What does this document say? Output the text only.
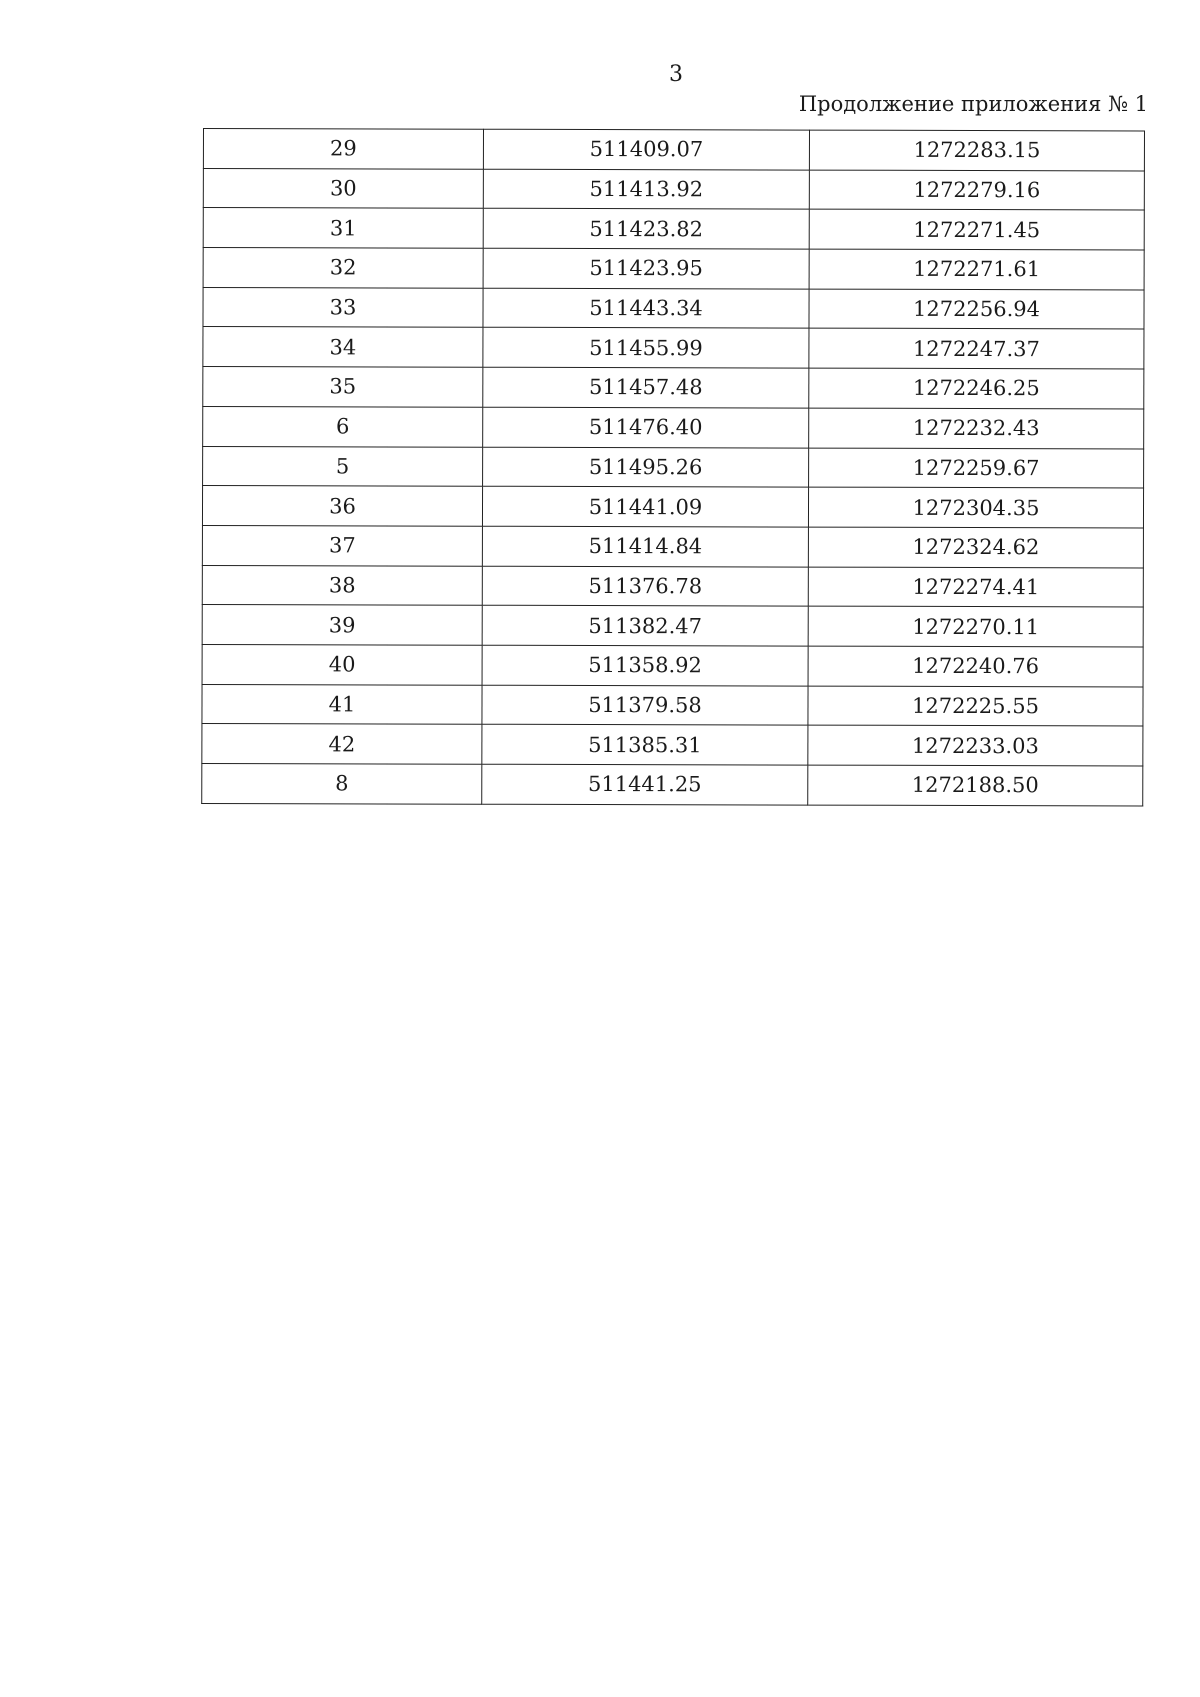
3
Продолжение приложения № 1
29	511409.07	1272283.15
30	511413.92	1272279.16
31	511423.82	1272271.45
32	511423.95	1272271.61
33	511443.34	1272256.94
34	511455.99	1272247.37
35	511457.48	1272246.25
6	511476.40	1272232.43
5	511495.26	1272259.67
36	511441.09	1272304.35
37	511414.84	1272324.62
38	511376.78	1272274.41
39	511382.47	1272270.11
40	511358.92	1272240.76
41	511379.58	1272225.55
42	511385.31	1272233.03
8	511441.25	1272188.50
